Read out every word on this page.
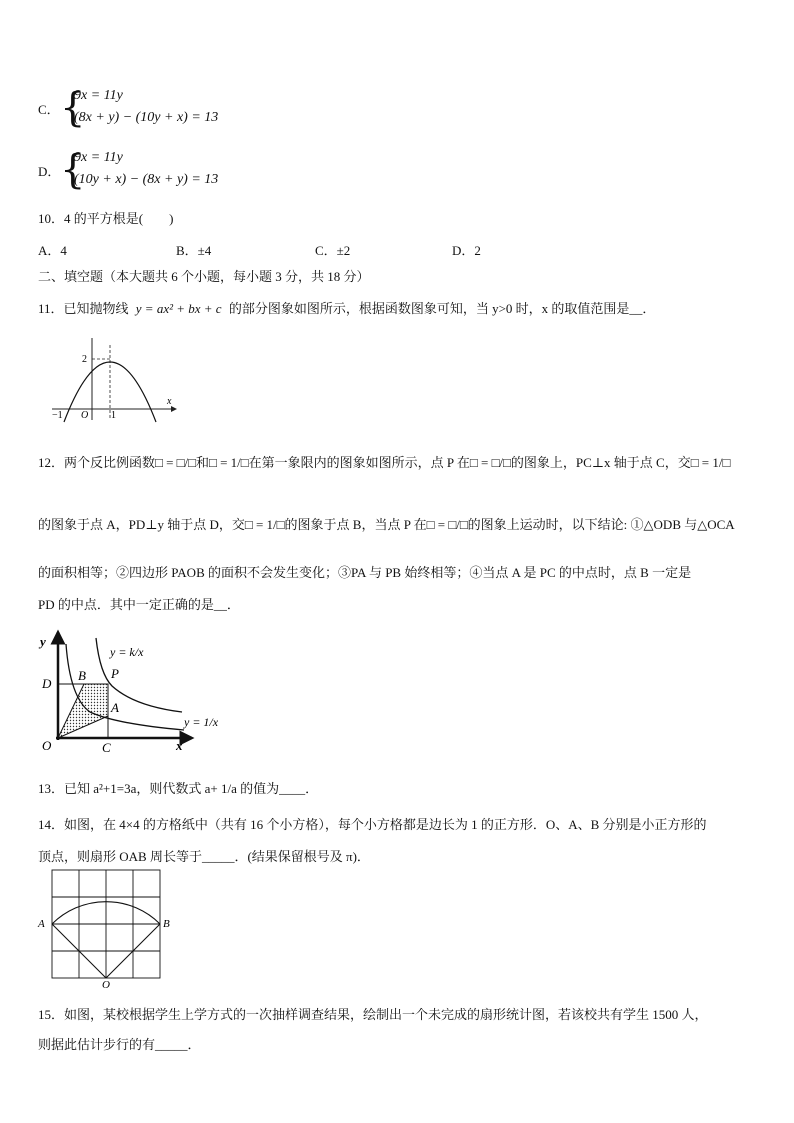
C． {
9x = 11y
(8x + y) − (10y + x) = 13
D． {
9x = 11y
(10y + x) − (8x + y) = 13
10．4 的平方根是(　　)
A．4	B．±4	C．±2	D．2
二、填空题（本大题共 6 个小题，每小题 3 分，共 18 分）
11．已知抛物线 y = ax² + bx + c 的部分图象如图所示，根据函数图象可知，当 y>0 时，x 的取值范围是__．
2
−1 O 1
x
12．两个反比例函数□ = □/□和□ = 1/□在第一象限内的图象如图所示，点 P 在□ = □/□的图象上，PC⊥x 轴于点 C，交□ = 1/□
的图象于点 A，PD⊥y 轴于点 D，交□ = 1/□的图象于点 B，当点 P 在□ = □/□的图象上运动时，以下结论: ①△ODB 与△OCA
的面积相等；②四边形 PAOB 的面积不会发生变化；③PA 与 PB 始终相等；④当点 A 是 PC 的中点时，点 B 一定是
PD 的中点．其中一定正确的是__．
y
x
O
B P
D
A
C
y = k/x
y = 1/x
13．已知 a²+1=3a，则代数式 a+ 1/a 的值为____．
14．如图，在 4×4 的方格纸中（共有 16 个小方格），每个小方格都是边长为 1 的正方形．O、A、B 分别是小正方形的
顶点，则扇形 OAB 周长等于_____．(结果保留根号及 π)．
A	B
O
15．如图，某校根据学生上学方式的一次抽样调查结果，绘制出一个未完成的扇形统计图，若该校共有学生 1500 人，
则据此估计步行的有_____．
